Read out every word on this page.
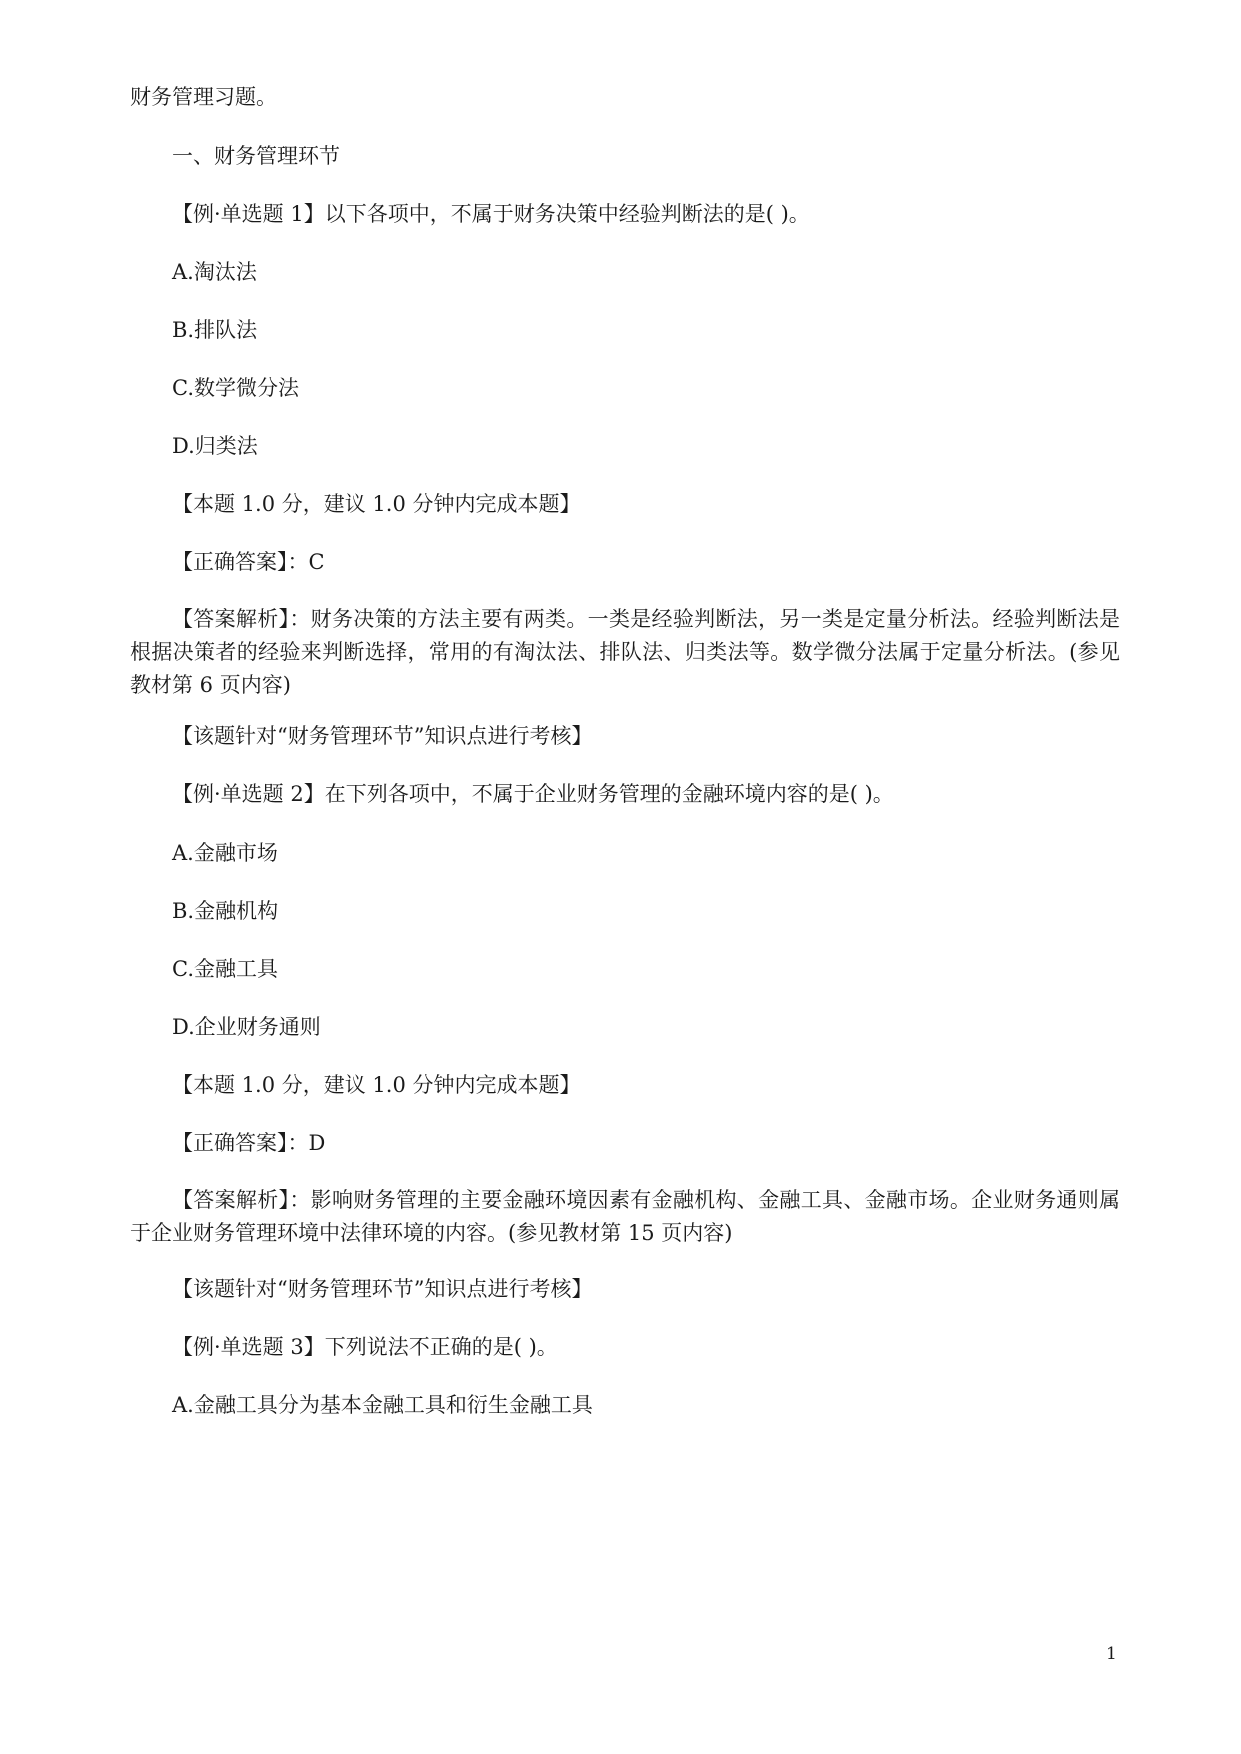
财务管理习题。
一、财务管理环节
【例·单选题 1】以下各项中，不属于财务决策中经验判断法的是( )。
A.淘汰法
B.排队法
C.数学微分法
D.归类法
【本题 1.0 分，建议 1.0 分钟内完成本题】
【正确答案】：C
【答案解析】：财务决策的方法主要有两类。一类是经验判断法，另一类是定量分析法。经验判断法是根据决策者的经验来判断选择，常用的有淘汰法、排队法、归类法等。数学微分法属于定量分析法。(参见教材第 6 页内容)
【该题针对“财务管理环节”知识点进行考核】
【例·单选题 2】在下列各项中，不属于企业财务管理的金融环境内容的是( )。
A.金融市场
B.金融机构
C.金融工具
D.企业财务通则
【本题 1.0 分，建议 1.0 分钟内完成本题】
【正确答案】：D
【答案解析】：影响财务管理的主要金融环境因素有金融机构、金融工具、金融市场。企业财务通则属于企业财务管理环境中法律环境的内容。(参见教材第 15 页内容)
【该题针对“财务管理环节”知识点进行考核】
【例·单选题 3】下列说法不正确的是( )。
A.金融工具分为基本金融工具和衍生金融工具
1
